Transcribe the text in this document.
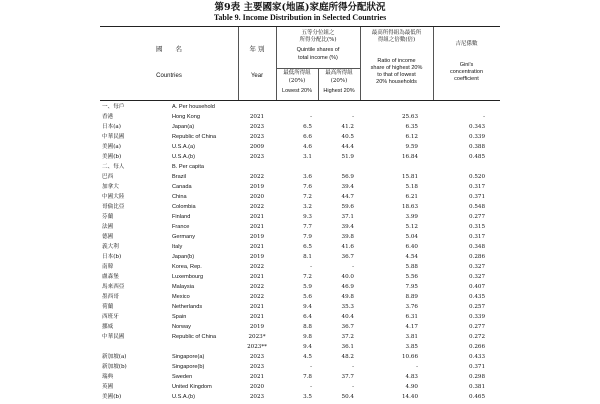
第9表 主要國家(地區)家庭所得分配狀況
Table 9. Income Distribution in Selected Countries
國　　名
Countries
年 別
Year
五等分位組之
所得分配比(%)
Quintile shares of
total income (%)
最低所得組
(20%)
Lowest 20%
最高所得組
(20%)
Highest 20%
最高所得組為最低所
得組之倍數(倍)
Ratio of income
share of highest 20%
to that of lowest
20% households
吉尼係數
Gini's
concentration
coefficient
一、每戶	A. Per household
香港	Hong Kong	2021	-	-	25.63	-
日本(a)	Japan(a)	2023	6.5	41.2	6.35	0.343
中華民國	Republic of China	2023	6.6	40.5	6.12	0.339
美國(a)	U.S.A.(a)	2009	4.6	44.4	9.59	0.388
美國(b)	U.S.A.(b)	2023	3.1	51.9	16.84	0.485
二、每人	B. Per capita
巴西	Brazil	2022	3.6	56.9	15.81	0.520
加拿大	Canada	2019	7.6	39.4	5.18	0.317
中國大陸	China	2020	7.2	44.7	6.21	0.371
哥倫比亞	Colombia	2022	3.2	59.6	18.63	0.548
芬蘭	Finland	2021	9.3	37.1	3.99	0.277
法國	France	2021	7.7	39.4	5.12	0.315
德國	Germany	2019	7.9	39.8	5.04	0.317
義大利	Italy	2021	6.5	41.6	6.40	0.348
日本(b)	Japan(b)	2019	8.1	36.7	4.54	0.286
南韓	Korea, Rep.	2022	-	-	5.88	0.327
盧森堡	Luxembourg	2021	7.2	40.0	5.56	0.327
馬來西亞	Malaysia	2022	5.9	46.9	7.95	0.407
墨西哥	Mexico	2022	5.6	49.8	8.89	0.435
荷蘭	Netherlands	2021	9.4	35.3	3.76	0.257
西班牙	Spain	2021	6.4	40.4	6.31	0.339
挪威	Norway	2019	8.8	36.7	4.17	0.277
中華民國	Republic of China	2023*	9.8	37.2	3.81	0.272
2023**	9.4	36.1	3.85	0.266
新加坡(a)	Singapore(a)	2023	4.5	48.2	10.66	0.433
新加坡(b)	Singapore(b)	2023	-	-	-	0.371
瑞典	Sweden	2021	7.8	37.7	4.83	0.298
英國	United Kingdom	2020	-	-	4.90	0.381
美國(b)	U.S.A.(b)	2023	3.5	50.4	14.40	0.465
